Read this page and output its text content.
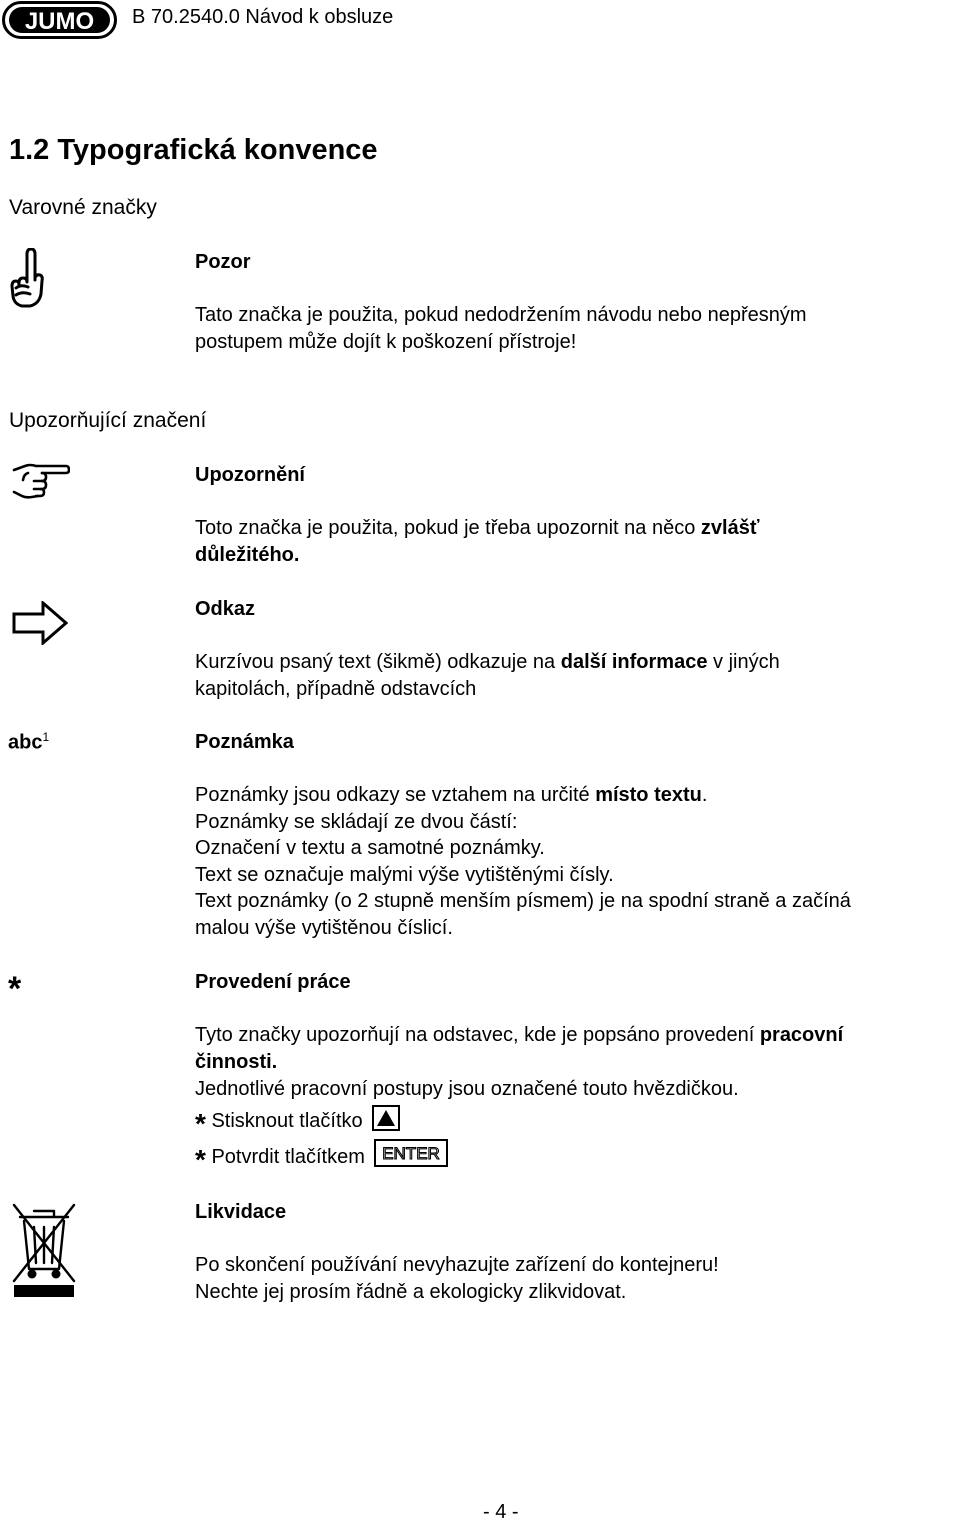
JUMO B 70.2540.0 Návod k obsluze
1.2 Typografická konvence
Varovné značky
Pozor
Tato značka je použita, pokud nedodržením návodu nebo nepřesným
postupem může dojít k poškození přístroje!
Upozorňující značení
Upozornění
Toto značka je použita, pokud je třeba upozornit na něco zvlášť
důležitého.
Odkaz
Kurzívou psaný text (šikmě) odkazuje na další informace v jiných
kapitolách, případně odstavcích
abc$^1$	Poznámka
Poznámky jsou odkazy se vztahem na určité místo textu.
Poznámky se skládají ze dvou částí:
Označení v textu a samotné poznámky.
Text se označuje malými výše vytištěnými čísly.
Text poznámky (o 2 stupně menším písmem) je na spodní straně a začíná
malou výše vytištěnou číslicí.
*	Provedení práce
Tyto značky upozorňují na odstavec, kde je popsáno provedení pracovní
činnosti.
Jednotlivé pracovní postupy jsou označené touto hvězdičkou.
* Stisknout tlačítko
* Potvrdit tlačítkem ENTER
Likvidace
Po skončení používání nevyhazujte zařízení do kontejneru!
Nechte jej prosím řádně a ekologicky zlikvidovat.
- 4 -
